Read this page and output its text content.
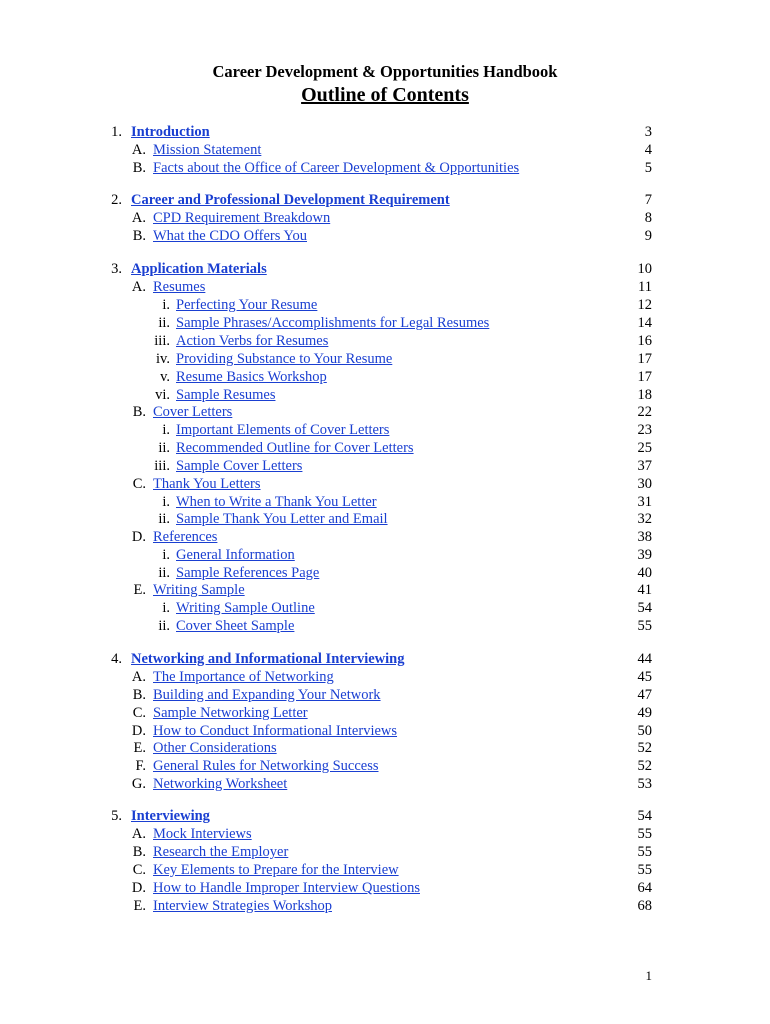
Career Development & Opportunities Handbook
Outline of Contents
1. Introduction	3
A. Mission Statement	4
B. Facts about the Office of Career Development & Opportunities	5
2. Career and Professional Development Requirement	7
A. CPD Requirement Breakdown	8
B. What the CDO Offers You	9
3. Application Materials	10
A. Resumes	11
i. Perfecting Your Resume	12
ii. Sample Phrases/Accomplishments for Legal Resumes	14
iii. Action Verbs for Resumes	16
iv. Providing Substance to Your Resume	17
v. Resume Basics Workshop	17
vi. Sample Resumes	18
B. Cover Letters	22
i. Important Elements of Cover Letters	23
ii. Recommended Outline for Cover Letters	25
iii. Sample Cover Letters	37
C. Thank You Letters	30
i. When to Write a Thank You Letter	31
ii. Sample Thank You Letter and Email	32
D. References	38
i. General Information	39
ii. Sample References Page	40
E. Writing Sample	41
i. Writing Sample Outline	54
ii. Cover Sheet Sample	55
4. Networking and Informational Interviewing	44
A. The Importance of Networking	45
B. Building and Expanding Your Network	47
C. Sample Networking Letter	49
D. How to Conduct Informational Interviews	50
E. Other Considerations	52
F. General Rules for Networking Success	52
G. Networking Worksheet	53
5. Interviewing	54
A. Mock Interviews	55
B. Research the Employer	55
C. Key Elements to Prepare for the Interview	55
D. How to Handle Improper Interview Questions	64
E. Interview Strategies Workshop	68
1
